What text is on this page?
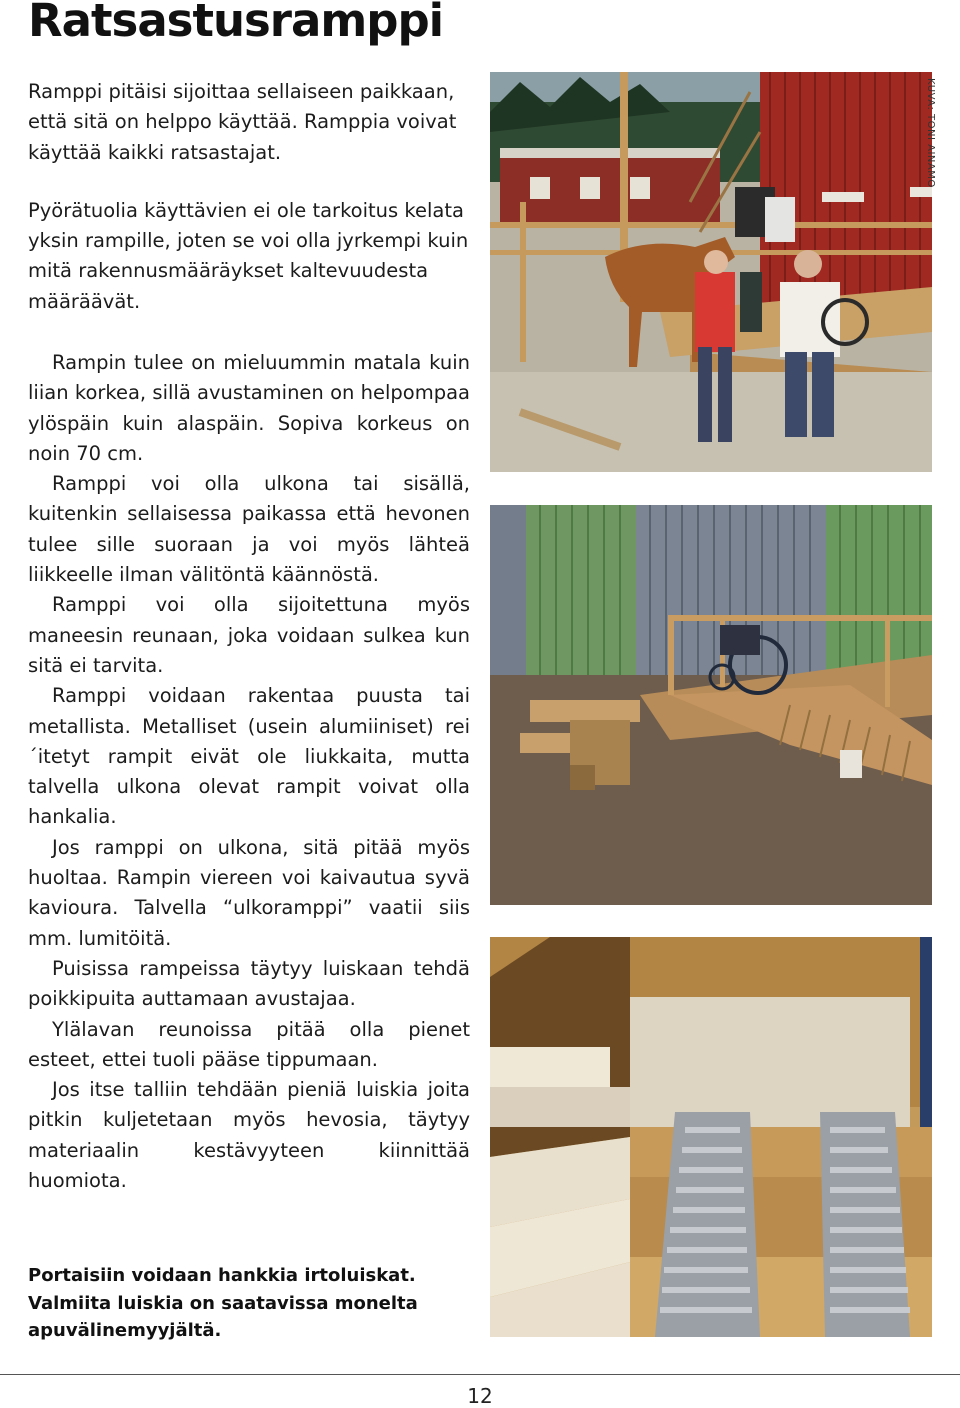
Ratsastusramppi

Ramppi pitäisi sijoittaa sellaiseen paikkaan, että sitä on helppo käyttää. Ramppia voivat käyttää kaikki ratsastajat.

Pyörätuolia käyttävien ei ole tarkoitus kelata yksin rampille, joten se voi olla jyrkempi kuin mitä rakennusmääräykset kaltevuudesta määräävät.

Rampin tulee on mieluummin matala kuin liian korkea, sillä avustaminen on helpompaa ylöspäin kuin alaspäin. Sopiva korkeus on noin 70 cm.

Ramppi voi olla ulkona tai sisällä, kuitenkin sellaisessa paikassa että hevonen tulee sille suoraan ja voi myös lähteä liikkeelle ilman välitöntä käännöstä.

Ramppi voi olla sijoitettuna myös maneesin reunaan, joka voidaan sulkea kun sitä ei tarvita.

Ramppi voidaan rakentaa puusta tai metallista. Metalliset (usein alumiiniset) rei´itetyt rampit eivät ole liukkaita, mutta talvella ulkona olevat rampit voivat olla hankalia.

Jos ramppi on ulkona, sitä pitää myös huoltaa. Rampin viereen voi kaivautua syvä kavioura. Talvella “ulkoramppi” vaatii siis mm. lumitöitä.

Puisissa rampeissa täytyy luiskaan tehdä poikkipuita auttamaan avustajaa.

Ylälavan reunoissa pitää olla pienet esteet, ettei tuoli pääse tippumaan.

Jos itse talliin tehdään pieniä luiskia joita pitkin kuljetetaan myös hevosia, täytyy materiaalin kestävyyteen kiinnittää huomiota.

Portaisiin voidaan hankkia irtoluiskat. Valmiita luiskia on saatavissa monelta apuvälinemyyjältä.
KUVA: TONI AINAMO
12
